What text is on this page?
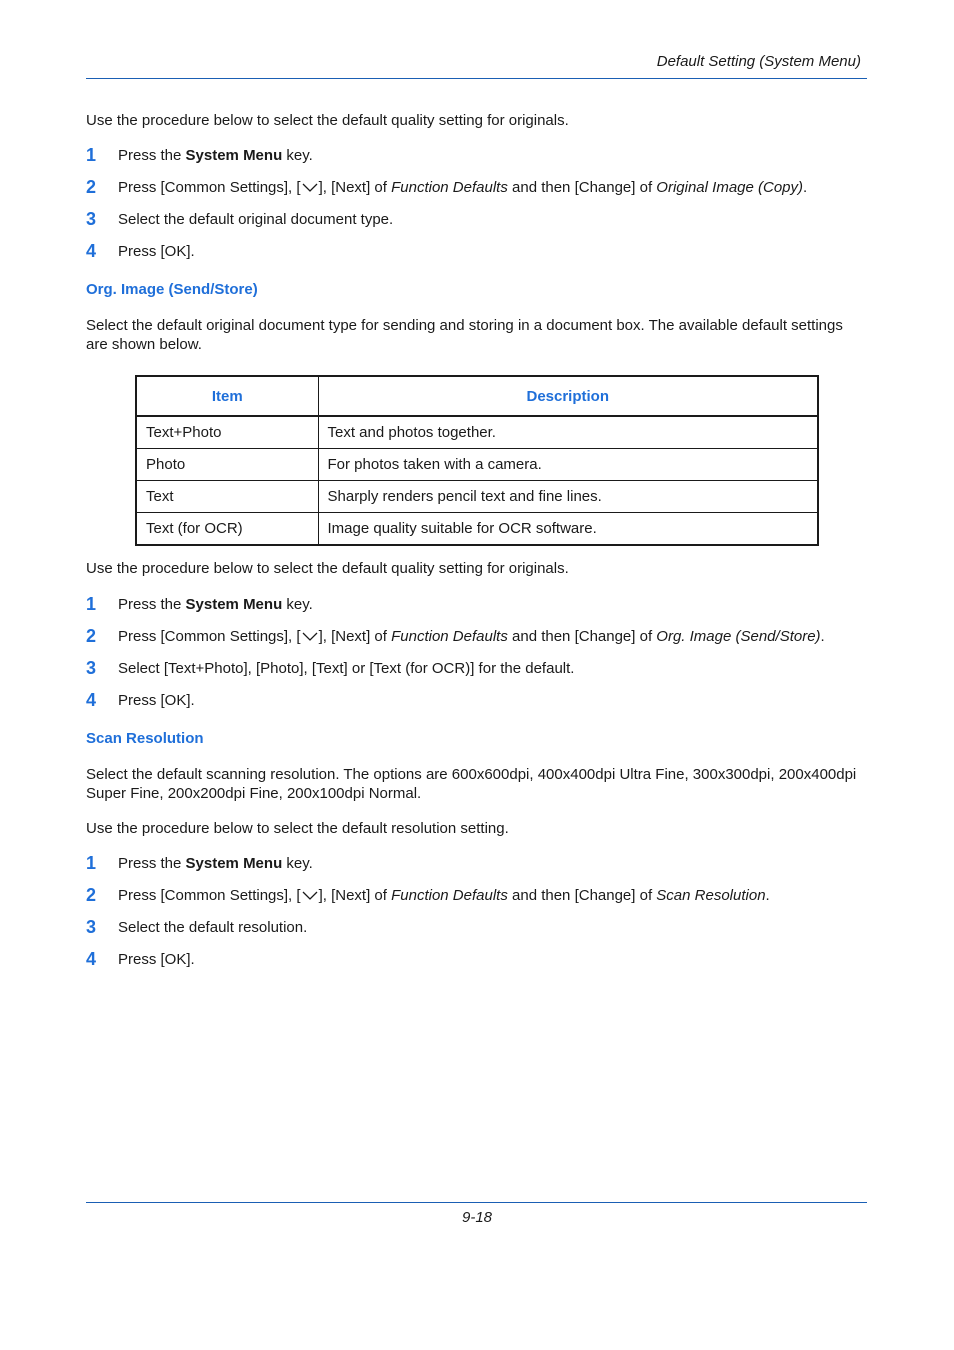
Default Setting (System Menu)
Use the procedure below to select the default quality setting for originals.
1 Press the System Menu key.
2 Press [Common Settings], [ ], [Next] of Function Defaults and then [Change] of Original Image (Copy).
3 Select the default original document type.
4 Press [OK].
Org. Image (Send/Store)
Select the default original document type for sending and storing in a document box. The available default settings are shown below.
Item	Description
Text+Photo	Text and photos together.
Photo	For photos taken with a camera.
Text	Sharply renders pencil text and fine lines.
Text (for OCR)	Image quality suitable for OCR software.
Use the procedure below to select the default quality setting for originals.
1 Press the System Menu key.
2 Press [Common Settings], [ ], [Next] of Function Defaults and then [Change] of Org. Image (Send/Store).
3 Select [Text+Photo], [Photo], [Text] or [Text (for OCR)] for the default.
4 Press [OK].
Scan Resolution
Select the default scanning resolution. The options are 600x600dpi, 400x400dpi Ultra Fine, 300x300dpi, 200x400dpi Super Fine, 200x200dpi Fine, 200x100dpi Normal.
Use the procedure below to select the default resolution setting.
1 Press the System Menu key.
2 Press [Common Settings], [ ], [Next] of Function Defaults and then [Change] of Scan Resolution.
3 Select the default resolution.
4 Press [OK].
9-18
